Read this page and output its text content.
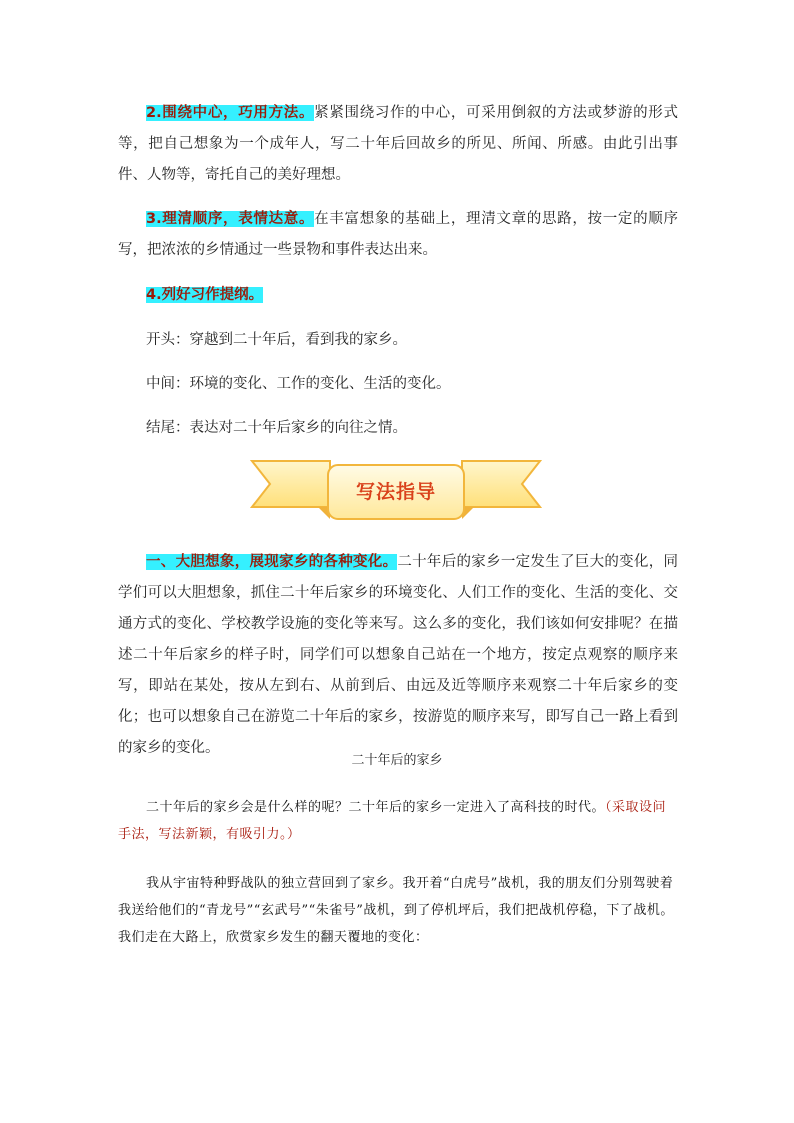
2.围绕中心，巧用方法。紧紧围绕习作的中心，可采用倒叙的方法或梦游的形式等，把自己想象为一个成年人，写二十年后回故乡的所见、所闻、所感。由此引出事件、人物等，寄托自己的美好理想。

3.理清顺序，表情达意。在丰富想象的基础上，理清文章的思路，按一定的顺序写，把浓浓的乡情通过一些景物和事件表达出来。

4.列好习作提纲。

开头：穿越到二十年后，看到我的家乡。

中间：环境的变化、工作的变化、生活的变化。

结尾：表达对二十年后家乡的向往之情。

写法指导

一、大胆想象，展现家乡的各种变化。二十年后的家乡一定发生了巨大的变化，同学们可以大胆想象，抓住二十年后家乡的环境变化、人们工作的变化、生活的变化、交通方式的变化、学校教学设施的变化等来写。这么多的变化，我们该如何安排呢？在描述二十年后家乡的样子时，同学们可以想象自己站在一个地方，按定点观察的顺序来写，即站在某处，按从左到右、从前到后、由远及近等顺序来观察二十年后家乡的变化；也可以想象自己在游览二十年后的家乡，按游览的顺序来写，即写自己一路上看到的家乡的变化。

二十年后的家乡

二十年后的家乡会是什么样的呢？二十年后的家乡一定进入了高科技的时代。（采取设问手法，写法新颖，有吸引力。）

我从宇宙特种野战队的独立营回到了家乡。我开着“白虎号”战机，我的朋友们分别驾驶着我送给他们的“青龙号”“玄武号”“朱雀号”战机，到了停机坪后，我们把战机停稳，下了战机。我们走在大路上，欣赏家乡发生的翻天覆地的变化：
